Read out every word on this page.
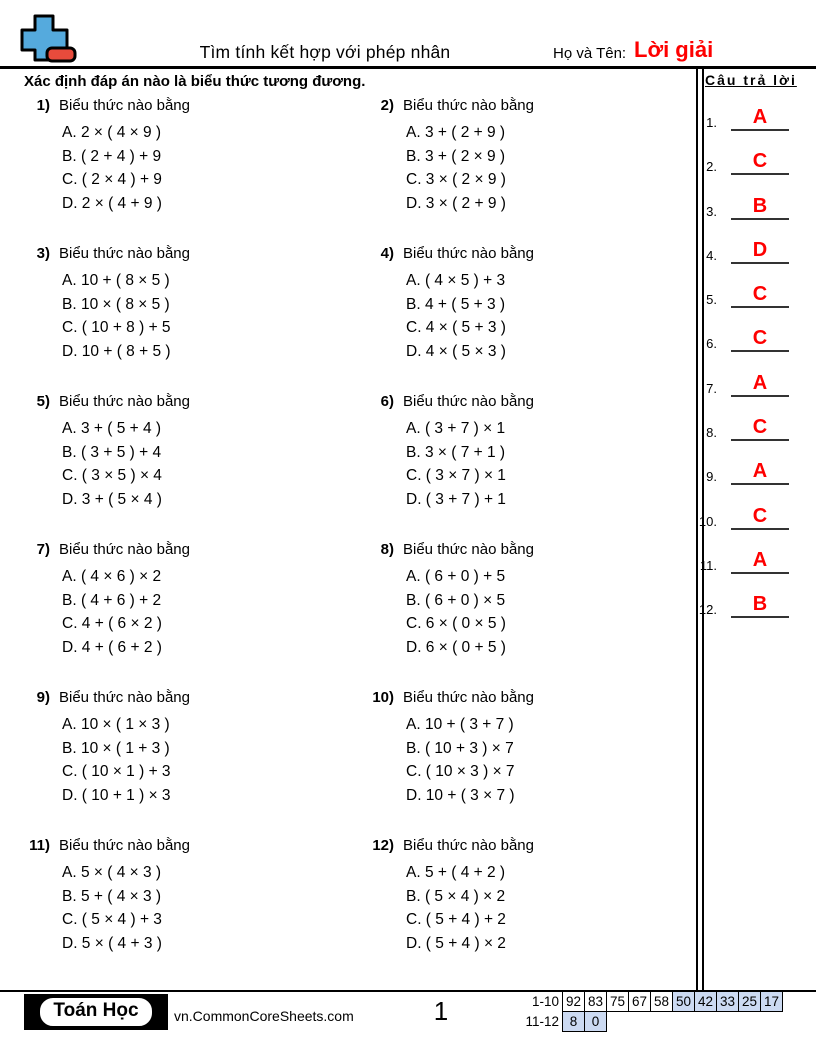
Tìm tính kết hợp với phép nhân	Họ và Tên: Lời giải
Xác định đáp án nào là biểu thức tương đương.
1) Biểu thức nào bằng
A. 2 × ( 4 × 9 )
B. ( 2 + 4 ) + 9
C. ( 2 × 4 ) + 9
D. 2 × ( 4 + 9 )
2) Biểu thức nào bằng
A. 3 + ( 2 + 9 )
B. 3 + ( 2 × 9 )
C. 3 × ( 2 × 9 )
D. 3 × ( 2 + 9 )
3) Biểu thức nào bằng
A. 10 + ( 8 × 5 )
B. 10 × ( 8 × 5 )
C. ( 10 + 8 ) + 5
D. 10 + ( 8 + 5 )
4) Biểu thức nào bằng
A. ( 4 × 5 ) + 3
B. 4 + ( 5 + 3 )
C. 4 × ( 5 + 3 )
D. 4 × ( 5 × 3 )
5) Biểu thức nào bằng
A. 3 + ( 5 + 4 )
B. ( 3 + 5 ) + 4
C. ( 3 × 5 ) × 4
D. 3 + ( 5 × 4 )
6) Biểu thức nào bằng
A. ( 3 + 7 ) × 1
B. 3 × ( 7 + 1 )
C. ( 3 × 7 ) × 1
D. ( 3 + 7 ) + 1
7) Biểu thức nào bằng
A. ( 4 × 6 ) × 2
B. ( 4 + 6 ) + 2
C. 4 + ( 6 × 2 )
D. 4 + ( 6 + 2 )
8) Biểu thức nào bằng
A. ( 6 + 0 ) + 5
B. ( 6 + 0 ) × 5
C. 6 × ( 0 × 5 )
D. 6 × ( 0 + 5 )
9) Biểu thức nào bằng
A. 10 × ( 1 × 3 )
B. 10 × ( 1 + 3 )
C. ( 10 × 1 ) + 3
D. ( 10 + 1 ) × 3
10) Biểu thức nào bằng
A. 10 + ( 3 + 7 )
B. ( 10 + 3 ) × 7
C. ( 10 × 3 ) × 7
D. 10 + ( 3 × 7 )
11) Biểu thức nào bằng
A. 5 × ( 4 × 3 )
B. 5 + ( 4 × 3 )
C. ( 5 × 4 ) + 3
D. 5 × ( 4 + 3 )
12) Biểu thức nào bằng
A. 5 + ( 4 + 2 )
B. ( 5 × 4 ) × 2
C. ( 5 + 4 ) + 2
D. ( 5 + 4 ) × 2
Câu trả lời
1.	A
2.	C
3.	B
4.	D
5.	C
6.	C
7.	A
8.	C
9.	A
10.	C
11.	A
12.	B
Toán Học	vn.CommonCoreSheets.com	1	1-10 92 83 75 67 58 50 42 33 25 17
11-12 8	0
